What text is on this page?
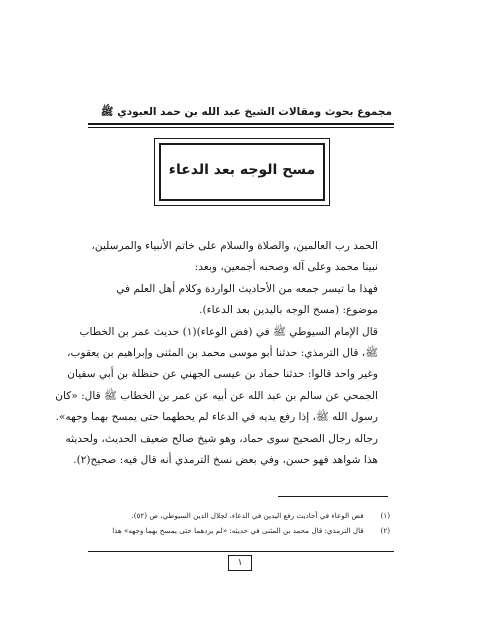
مجموع بحوث ومقالات الشيخ عبد الله بن حمد العبودي ﷺ
مسح الوجه بعد الدعاء

الحمد رب العالمين، والصلاة والسلام على خاتم الأنبياء والمرسلين،
نبينا محمد وعلى آله وصحبه أجمعين، وبعد:

فهذا ما تيسر جمعه من الأحاديث الواردة وكلام أهل العلم في
موضوع: (مسح الوجه باليدين بعد الدعاء).

قال الإمام السيوطي ﷺ في (فض الوعاء)(١) حديث عمر بن الخطاب
ﷺ، قال الترمذي: حدثنا أبو موسى محمد بن المثنى وإبراهيم بن يعقوب،
وغير واحد قالوا: حدثنا حماد بن عيسى الجهني عن حنظلة بن أبي سفيان
الجمحي عن سالم بن عبد الله عن أبيه عن عمر بن الخطاب ﷺ قال: «كان
رسول الله ﷺ، إذا رفع يديه في الدعاء لم يحطهما حتى يمسح بهما وجهه».
رجاله رجال الصحيح سوى حماد، وهو شيخ صالح ضعيف الحديث، ولحديثه
هذا شواهد فهو حسن، وفي بعض نسخ الترمذي أنه قال فيه: صحيح(٢).

(١) فض الوعاء في أحاديث رفع اليدين في الدعاء، لجلال الدين السيوطي، ص (٥٢).
(٢) قال الترمذي: قال محمد بن المثنى في حديثه: «لم يردهما حتى يمسح بهما وجهه» هذا
١
